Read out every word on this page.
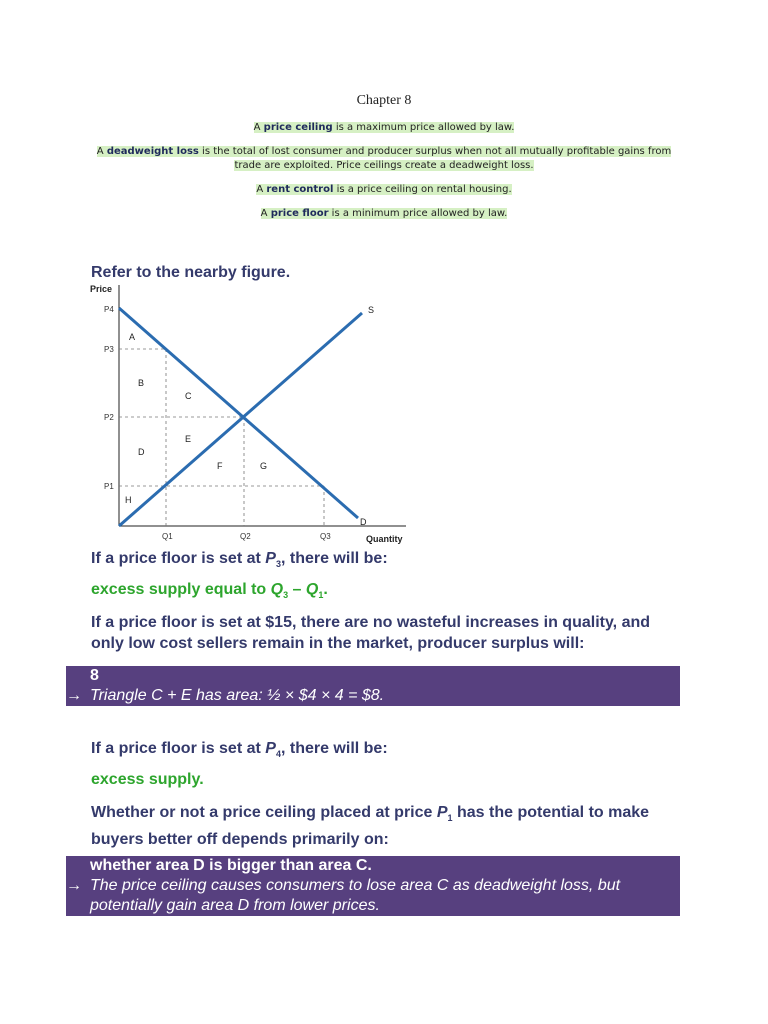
Chapter 8
A price ceiling is a maximum price allowed by law.
A deadweight loss is the total of lost consumer and producer surplus when not all mutually profitable gains from trade are exploited. Price ceilings create a deadweight loss.
A rent control is a price ceiling on rental housing.
A price floor is a minimum price allowed by law.
Refer to the nearby figure.
Price
P4
P3
P2
P1
Q1	Q2	Q3	Quantity
S
D
A
B
C
D
E
F	G
H
If a price floor is set at $P_3$, there will be:
excess supply equal to $Q_3 - Q_1$.
If a price floor is set at $15, there are no wasteful increases in quality, and only low cost sellers remain in the market, producer surplus will:
8
→ Triangle C + E has area: ½ × $4 × 4 = $8.
If a price floor is set at $P_4$, there will be:
excess supply.
Whether or not a price ceiling placed at price $P_1$ has the potential to make buyers better off depends primarily on:
whether area D is bigger than area C.
→ The price ceiling causes consumers to lose area C as deadweight loss, but potentially gain area D from lower prices.
